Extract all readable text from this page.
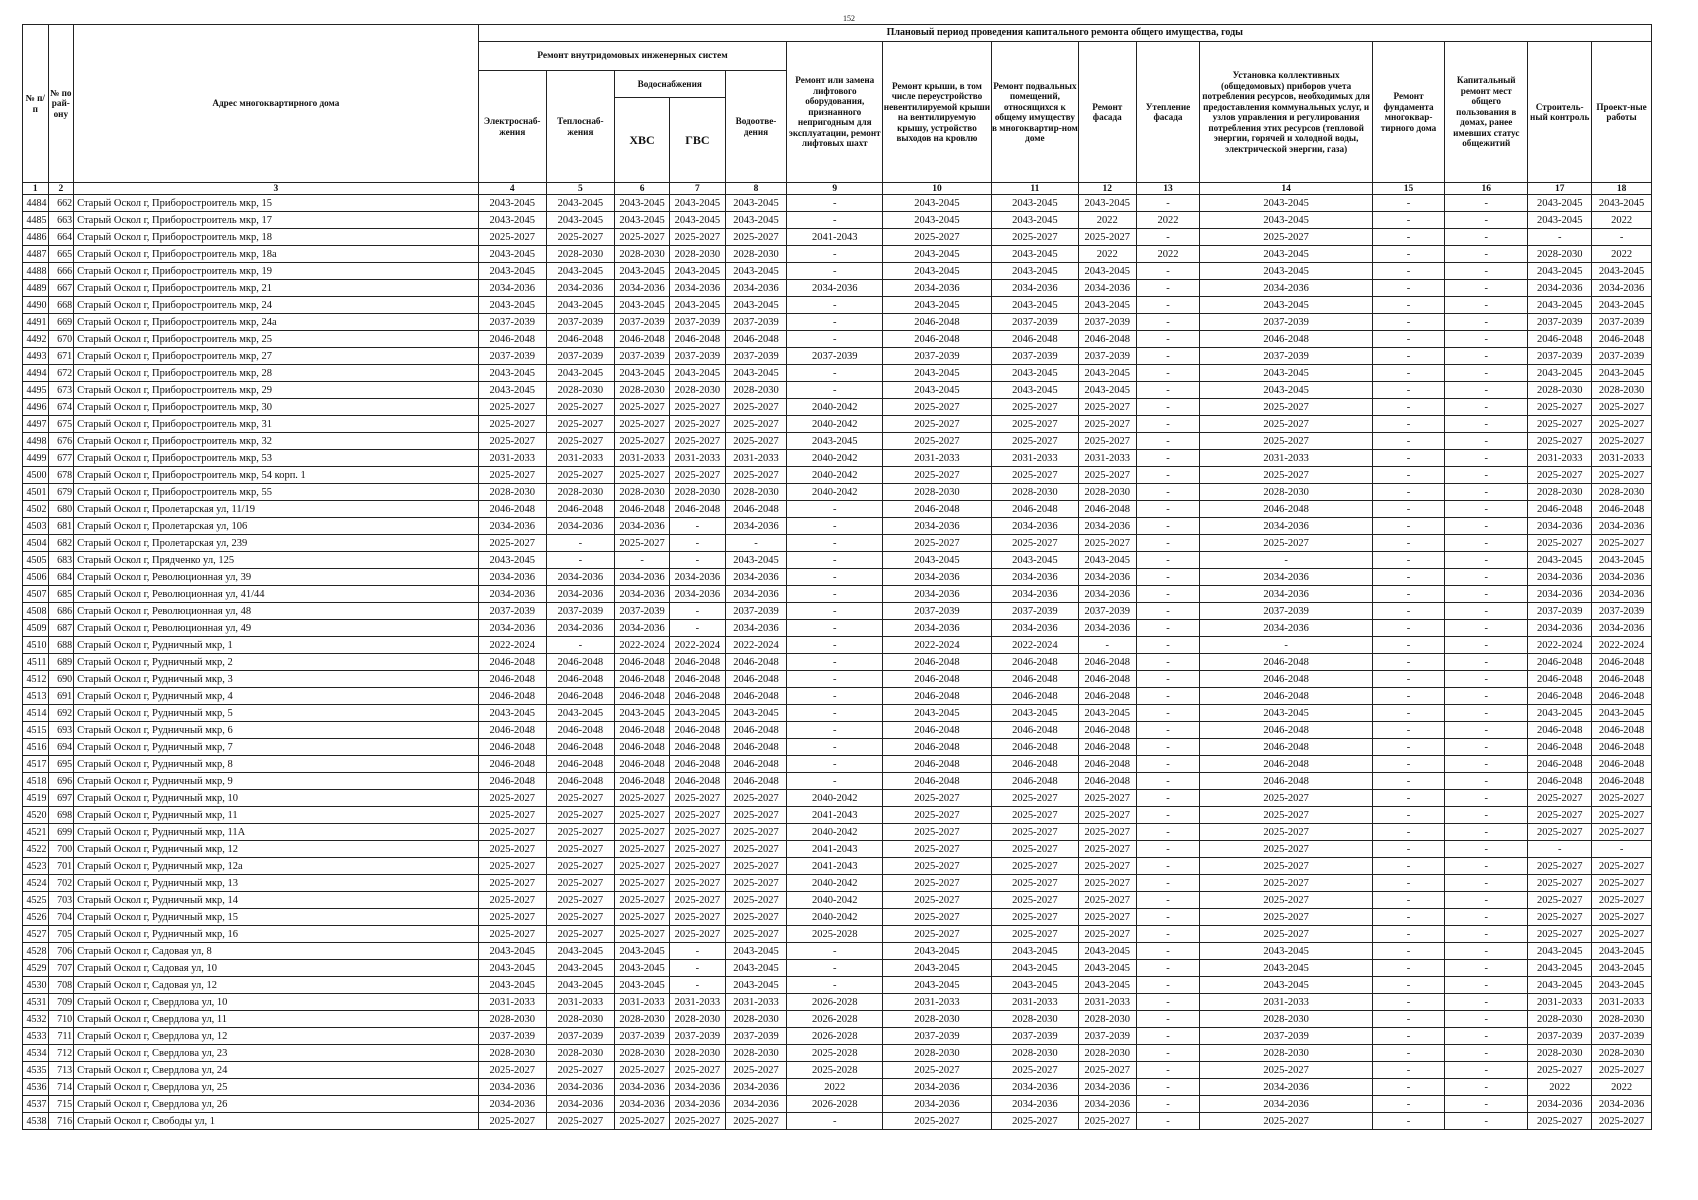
152
№ п/п	№ по рай-ону	Адрес многоквартирного дома	Плановый период проведения капитального ремонта общего имущества, годы														
			Ремонт внутридомовых инженерных систем					Ремонт или замена лифтового оборудования, признанного непригодным для эксплуатации, ремонт лифтовых шахт	Ремонт крыши, в том числе переустройство невентилируемой крыши на вентилируемую крышу, устройство выходов на кровлю	Ремонт подвальных помещений, относящихся к общему имуществу в многоквартир-ном доме	Ремонт фасада	Утепление фасада	Установка коллективных (общедомовых) приборов учета потребления ресурсов, необходимых для предоставления коммунальных услуг, и узлов управления и регулирования потребления этих ресурсов (тепловой энергии, горячей и холодной воды, электрической энергии, газа)	Ремонт фундамента многоквар-тирного дома	Капитальный ремонт мест общего пользования в домах, ранее имевших статус общежитий	Строитель-ный контроль	Проект-ные работы
			Электроснаб-жения	Теплоснаб-жения	Водоснабжения		Водоотве-дения										
					ХВС	ГВС											
1	2	3	4	5	6	7	8	9	10	11	12	13	14	15	16	17	18
4484	662	Старый Оскол г, Приборостроитель мкр, 15	2043-2045	2043-2045	2043-2045	2043-2045	2043-2045	-	2043-2045	2043-2045	2043-2045	-	2043-2045	-	-	2043-2045	2043-2045
4485	663	Старый Оскол г, Приборостроитель мкр, 17	2043-2045	2043-2045	2043-2045	2043-2045	2043-2045	-	2043-2045	2043-2045	2022	2022	2043-2045	-	-	2043-2045	2022
4486	664	Старый Оскол г, Приборостроитель мкр, 18	2025-2027	2025-2027	2025-2027	2025-2027	2025-2027	2041-2043	2025-2027	2025-2027	2025-2027	-	2025-2027	-	-	-	-
4487	665	Старый Оскол г, Приборостроитель мкр, 18а	2043-2045	2028-2030	2028-2030	2028-2030	2028-2030	-	2043-2045	2043-2045	2022	2022	2043-2045	-	-	2028-2030	2022
4488	666	Старый Оскол г, Приборостроитель мкр, 19	2043-2045	2043-2045	2043-2045	2043-2045	2043-2045	-	2043-2045	2043-2045	2043-2045	-	2043-2045	-	-	2043-2045	2043-2045
4489	667	Старый Оскол г, Приборостроитель мкр, 21	2034-2036	2034-2036	2034-2036	2034-2036	2034-2036	2034-2036	2034-2036	2034-2036	2034-2036	-	2034-2036	-	-	2034-2036	2034-2036
4490	668	Старый Оскол г, Приборостроитель мкр, 24	2043-2045	2043-2045	2043-2045	2043-2045	2043-2045	-	2043-2045	2043-2045	2043-2045	-	2043-2045	-	-	2043-2045	2043-2045
4491	669	Старый Оскол г, Приборостроитель мкр, 24а	2037-2039	2037-2039	2037-2039	2037-2039	2037-2039	-	2046-2048	2037-2039	2037-2039	-	2037-2039	-	-	2037-2039	2037-2039
4492	670	Старый Оскол г, Приборостроитель мкр, 25	2046-2048	2046-2048	2046-2048	2046-2048	2046-2048	-	2046-2048	2046-2048	2046-2048	-	2046-2048	-	-	2046-2048	2046-2048
4493	671	Старый Оскол г, Приборостроитель мкр, 27	2037-2039	2037-2039	2037-2039	2037-2039	2037-2039	2037-2039	2037-2039	2037-2039	2037-2039	-	2037-2039	-	-	2037-2039	2037-2039
4494	672	Старый Оскол г, Приборостроитель мкр, 28	2043-2045	2043-2045	2043-2045	2043-2045	2043-2045	-	2043-2045	2043-2045	2043-2045	-	2043-2045	-	-	2043-2045	2043-2045
4495	673	Старый Оскол г, Приборостроитель мкр, 29	2043-2045	2028-2030	2028-2030	2028-2030	2028-2030	-	2043-2045	2043-2045	2043-2045	-	2043-2045	-	-	2028-2030	2028-2030
4496	674	Старый Оскол г, Приборостроитель мкр, 30	2025-2027	2025-2027	2025-2027	2025-2027	2025-2027	2040-2042	2025-2027	2025-2027	2025-2027	-	2025-2027	-	-	2025-2027	2025-2027
4497	675	Старый Оскол г, Приборостроитель мкр, 31	2025-2027	2025-2027	2025-2027	2025-2027	2025-2027	2040-2042	2025-2027	2025-2027	2025-2027	-	2025-2027	-	-	2025-2027	2025-2027
4498	676	Старый Оскол г, Приборостроитель мкр, 32	2025-2027	2025-2027	2025-2027	2025-2027	2025-2027	2043-2045	2025-2027	2025-2027	2025-2027	-	2025-2027	-	-	2025-2027	2025-2027
4499	677	Старый Оскол г, Приборостроитель мкр, 53	2031-2033	2031-2033	2031-2033	2031-2033	2031-2033	2040-2042	2031-2033	2031-2033	2031-2033	-	2031-2033	-	-	2031-2033	2031-2033
4500	678	Старый Оскол г, Приборостроитель мкр, 54 корп. 1	2025-2027	2025-2027	2025-2027	2025-2027	2025-2027	2040-2042	2025-2027	2025-2027	2025-2027	-	2025-2027	-	-	2025-2027	2025-2027
4501	679	Старый Оскол г, Приборостроитель мкр, 55	2028-2030	2028-2030	2028-2030	2028-2030	2028-2030	2040-2042	2028-2030	2028-2030	2028-2030	-	2028-2030	-	-	2028-2030	2028-2030
4502	680	Старый Оскол г, Пролетарская ул, 11/19	2046-2048	2046-2048	2046-2048	2046-2048	2046-2048	-	2046-2048	2046-2048	2046-2048	-	2046-2048	-	-	2046-2048	2046-2048
4503	681	Старый Оскол г, Пролетарская ул, 106	2034-2036	2034-2036	2034-2036	-	2034-2036	-	2034-2036	2034-2036	2034-2036	-	2034-2036	-	-	2034-2036	2034-2036
4504	682	Старый Оскол г, Пролетарская ул, 239	2025-2027	-	2025-2027	-	-	-	2025-2027	2025-2027	2025-2027	-	2025-2027	-	-	2025-2027	2025-2027
4505	683	Старый Оскол г, Прядченко ул, 125	2043-2045	-	-	-	2043-2045	-	2043-2045	2043-2045	2043-2045	-	-	-	-	2043-2045	2043-2045
4506	684	Старый Оскол г, Революционная ул, 39	2034-2036	2034-2036	2034-2036	2034-2036	2034-2036	-	2034-2036	2034-2036	2034-2036	-	2034-2036	-	-	2034-2036	2034-2036
4507	685	Старый Оскол г, Революционная ул, 41/44	2034-2036	2034-2036	2034-2036	2034-2036	2034-2036	-	2034-2036	2034-2036	2034-2036	-	2034-2036	-	-	2034-2036	2034-2036
4508	686	Старый Оскол г, Революционная ул, 48	2037-2039	2037-2039	2037-2039	-	2037-2039	-	2037-2039	2037-2039	2037-2039	-	2037-2039	-	-	2037-2039	2037-2039
4509	687	Старый Оскол г, Революционная ул, 49	2034-2036	2034-2036	2034-2036	-	2034-2036	-	2034-2036	2034-2036	2034-2036	-	2034-2036	-	-	2034-2036	2034-2036
4510	688	Старый Оскол г, Рудничный мкр, 1	2022-2024	-	2022-2024	2022-2024	2022-2024	-	2022-2024	2022-2024	-	-	-	-	-	2022-2024	2022-2024
4511	689	Старый Оскол г, Рудничный мкр, 2	2046-2048	2046-2048	2046-2048	2046-2048	2046-2048	-	2046-2048	2046-2048	2046-2048	-	2046-2048	-	-	2046-2048	2046-2048
4512	690	Старый Оскол г, Рудничный мкр, 3	2046-2048	2046-2048	2046-2048	2046-2048	2046-2048	-	2046-2048	2046-2048	2046-2048	-	2046-2048	-	-	2046-2048	2046-2048
4513	691	Старый Оскол г, Рудничный мкр, 4	2046-2048	2046-2048	2046-2048	2046-2048	2046-2048	-	2046-2048	2046-2048	2046-2048	-	2046-2048	-	-	2046-2048	2046-2048
4514	692	Старый Оскол г, Рудничный мкр, 5	2043-2045	2043-2045	2043-2045	2043-2045	2043-2045	-	2043-2045	2043-2045	2043-2045	-	2043-2045	-	-	2043-2045	2043-2045
4515	693	Старый Оскол г, Рудничный мкр, 6	2046-2048	2046-2048	2046-2048	2046-2048	2046-2048	-	2046-2048	2046-2048	2046-2048	-	2046-2048	-	-	2046-2048	2046-2048
4516	694	Старый Оскол г, Рудничный мкр, 7	2046-2048	2046-2048	2046-2048	2046-2048	2046-2048	-	2046-2048	2046-2048	2046-2048	-	2046-2048	-	-	2046-2048	2046-2048
4517	695	Старый Оскол г, Рудничный мкр, 8	2046-2048	2046-2048	2046-2048	2046-2048	2046-2048	-	2046-2048	2046-2048	2046-2048	-	2046-2048	-	-	2046-2048	2046-2048
4518	696	Старый Оскол г, Рудничный мкр, 9	2046-2048	2046-2048	2046-2048	2046-2048	2046-2048	-	2046-2048	2046-2048	2046-2048	-	2046-2048	-	-	2046-2048	2046-2048
4519	697	Старый Оскол г, Рудничный мкр, 10	2025-2027	2025-2027	2025-2027	2025-2027	2025-2027	2040-2042	2025-2027	2025-2027	2025-2027	-	2025-2027	-	-	2025-2027	2025-2027
4520	698	Старый Оскол г, Рудничный мкр, 11	2025-2027	2025-2027	2025-2027	2025-2027	2025-2027	2041-2043	2025-2027	2025-2027	2025-2027	-	2025-2027	-	-	2025-2027	2025-2027
4521	699	Старый Оскол г, Рудничный мкр, 11А	2025-2027	2025-2027	2025-2027	2025-2027	2025-2027	2040-2042	2025-2027	2025-2027	2025-2027	-	2025-2027	-	-	2025-2027	2025-2027
4522	700	Старый Оскол г, Рудничный мкр, 12	2025-2027	2025-2027	2025-2027	2025-2027	2025-2027	2041-2043	2025-2027	2025-2027	2025-2027	-	2025-2027	-	-	-	-
4523	701	Старый Оскол г, Рудничный мкр, 12а	2025-2027	2025-2027	2025-2027	2025-2027	2025-2027	2041-2043	2025-2027	2025-2027	2025-2027	-	2025-2027	-	-	2025-2027	2025-2027
4524	702	Старый Оскол г, Рудничный мкр, 13	2025-2027	2025-2027	2025-2027	2025-2027	2025-2027	2040-2042	2025-2027	2025-2027	2025-2027	-	2025-2027	-	-	2025-2027	2025-2027
4525	703	Старый Оскол г, Рудничный мкр, 14	2025-2027	2025-2027	2025-2027	2025-2027	2025-2027	2040-2042	2025-2027	2025-2027	2025-2027	-	2025-2027	-	-	2025-2027	2025-2027
4526	704	Старый Оскол г, Рудничный мкр, 15	2025-2027	2025-2027	2025-2027	2025-2027	2025-2027	2040-2042	2025-2027	2025-2027	2025-2027	-	2025-2027	-	-	2025-2027	2025-2027
4527	705	Старый Оскол г, Рудничный мкр, 16	2025-2027	2025-2027	2025-2027	2025-2027	2025-2027	2025-2028	2025-2027	2025-2027	2025-2027	-	2025-2027	-	-	2025-2027	2025-2027
4528	706	Старый Оскол г, Садовая ул, 8	2043-2045	2043-2045	2043-2045	-	2043-2045	-	2043-2045	2043-2045	2043-2045	-	2043-2045	-	-	2043-2045	2043-2045
4529	707	Старый Оскол г, Садовая ул, 10	2043-2045	2043-2045	2043-2045	-	2043-2045	-	2043-2045	2043-2045	2043-2045	-	2043-2045	-	-	2043-2045	2043-2045
4530	708	Старый Оскол г, Садовая ул, 12	2043-2045	2043-2045	2043-2045	-	2043-2045	-	2043-2045	2043-2045	2043-2045	-	2043-2045	-	-	2043-2045	2043-2045
4531	709	Старый Оскол г, Свердлова ул, 10	2031-2033	2031-2033	2031-2033	2031-2033	2031-2033	2026-2028	2031-2033	2031-2033	2031-2033	-	2031-2033	-	-	2031-2033	2031-2033
4532	710	Старый Оскол г, Свердлова ул, 11	2028-2030	2028-2030	2028-2030	2028-2030	2028-2030	2026-2028	2028-2030	2028-2030	2028-2030	-	2028-2030	-	-	2028-2030	2028-2030
4533	711	Старый Оскол г, Свердлова ул, 12	2037-2039	2037-2039	2037-2039	2037-2039	2037-2039	2026-2028	2037-2039	2037-2039	2037-2039	-	2037-2039	-	-	2037-2039	2037-2039
4534	712	Старый Оскол г, Свердлова ул, 23	2028-2030	2028-2030	2028-2030	2028-2030	2028-2030	2025-2028	2028-2030	2028-2030	2028-2030	-	2028-2030	-	-	2028-2030	2028-2030
4535	713	Старый Оскол г, Свердлова ул, 24	2025-2027	2025-2027	2025-2027	2025-2027	2025-2027	2025-2028	2025-2027	2025-2027	2025-2027	-	2025-2027	-	-	2025-2027	2025-2027
4536	714	Старый Оскол г, Свердлова ул, 25	2034-2036	2034-2036	2034-2036	2034-2036	2034-2036	2022	2034-2036	2034-2036	2034-2036	-	2034-2036	-	-	2022	2022
4537	715	Старый Оскол г, Свердлова ул, 26	2034-2036	2034-2036	2034-2036	2034-2036	2034-2036	2026-2028	2034-2036	2034-2036	2034-2036	-	2034-2036	-	-	2034-2036	2034-2036
4538	716	Старый Оскол г, Свободы ул, 1	2025-2027	2025-2027	2025-2027	2025-2027	2025-2027	-	2025-2027	2025-2027	2025-2027	-	2025-2027	-	-	2025-2027	2025-2027
